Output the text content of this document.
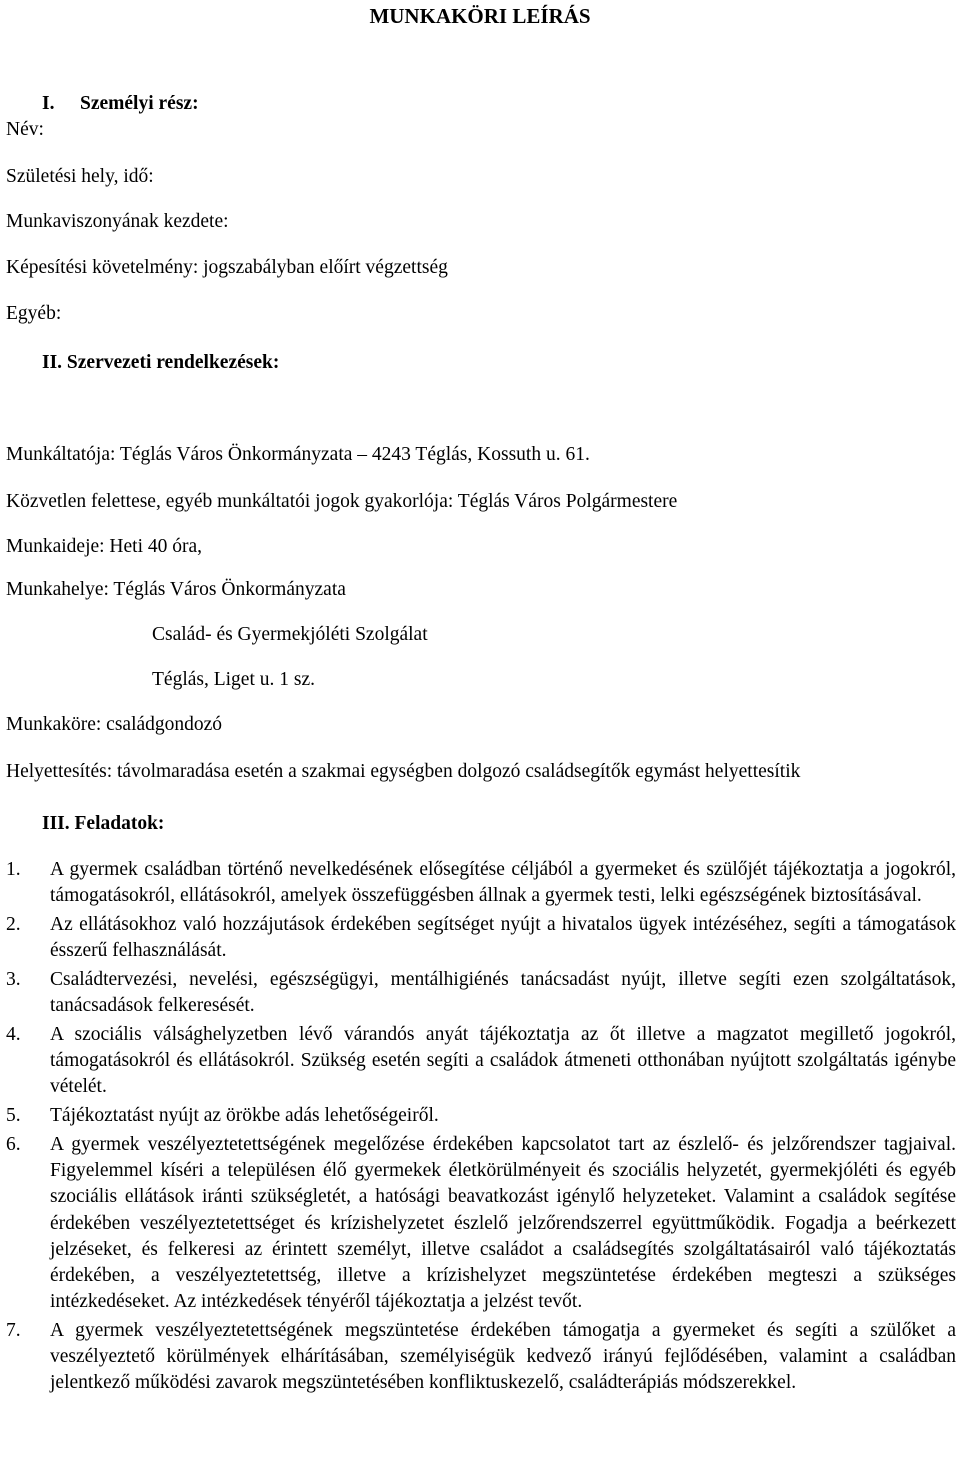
MUNKAKÖRI LEÍRÁS
I. Személyi rész:
Név:
Születési hely, idő:
Munkaviszonyának kezdete:
Képesítési követelmény: jogszabályban előírt végzettség
Egyéb:
II. Szervezeti rendelkezések:
Munkáltatója: Téglás Város Önkormányzata – 4243 Téglás, Kossuth u. 61.
Közvetlen felettese, egyéb munkáltatói jogok gyakorlója: Téglás Város Polgármestere
Munkaideje: Heti 40 óra,
Munkahelye: Téglás Város Önkormányzata
Család- és Gyermekjóléti Szolgálat
Téglás, Liget u. 1 sz.
Munkaköre: családgondozó
Helyettesítés: távolmaradása esetén a szakmai egységben dolgozó családsegítők egymást helyettesítik
III. Feladatok:
1. A gyermek családban történő nevelkedésének elősegítése céljából a gyermeket és szülőjét tájékoztatja a jogokról, támogatásokról, ellátásokról, amelyek összefüggésben állnak a gyermek testi, lelki egészségének biztosításával.
2. Az ellátásokhoz való hozzájutások érdekében segítséget nyújt a hivatalos ügyek intézéséhez, segíti a támogatások ésszerű felhasználását.
3. Családtervezési, nevelési, egészségügyi, mentálhigiénés tanácsadást nyújt, illetve segíti ezen szolgáltatások, tanácsadások felkeresését.
4. A szociális válsághelyzetben lévő várandós anyát tájékoztatja az őt illetve a magzatot megillető jogokról, támogatásokról és ellátásokról. Szükség esetén segíti a családok átmeneti otthonában nyújtott szolgáltatás igénybe vételét.
5. Tájékoztatást nyújt az örökbe adás lehetőségeiről.
6. A gyermek veszélyeztetettségének megelőzése érdekében kapcsolatot tart az észlelő- és jelzőrendszer tagjaival. Figyelemmel kíséri a településen élő gyermekek életkörülményeit és szociális helyzetét, gyermekjóléti és egyéb szociális ellátások iránti szükségletét, a hatósági beavatkozást igénylő helyzeteket. Valamint a családok segítése érdekében veszélyeztetettséget és krízishelyzetet észlelő jelzőrendszerrel együttműködik. Fogadja a beérkezett jelzéseket, és felkeresi az érintett személyt, illetve családot a családsegítés szolgáltatásairól való tájékoztatás érdekében, a veszélyeztetettség, illetve a krízishelyzet megszüntetése érdekében megteszi a szükséges intézkedéseket. Az intézkedések tényéről tájékoztatja a jelzést tevőt.
7. A gyermek veszélyeztetettségének megszüntetése érdekében támogatja a gyermeket és segíti a szülőket a veszélyeztető körülmények elhárításában, személyiségük kedvező irányú fejlődésében, valamint a családban jelentkező működési zavarok megszüntetésében konfliktuskezelő, családterápiás módszerekkel.
